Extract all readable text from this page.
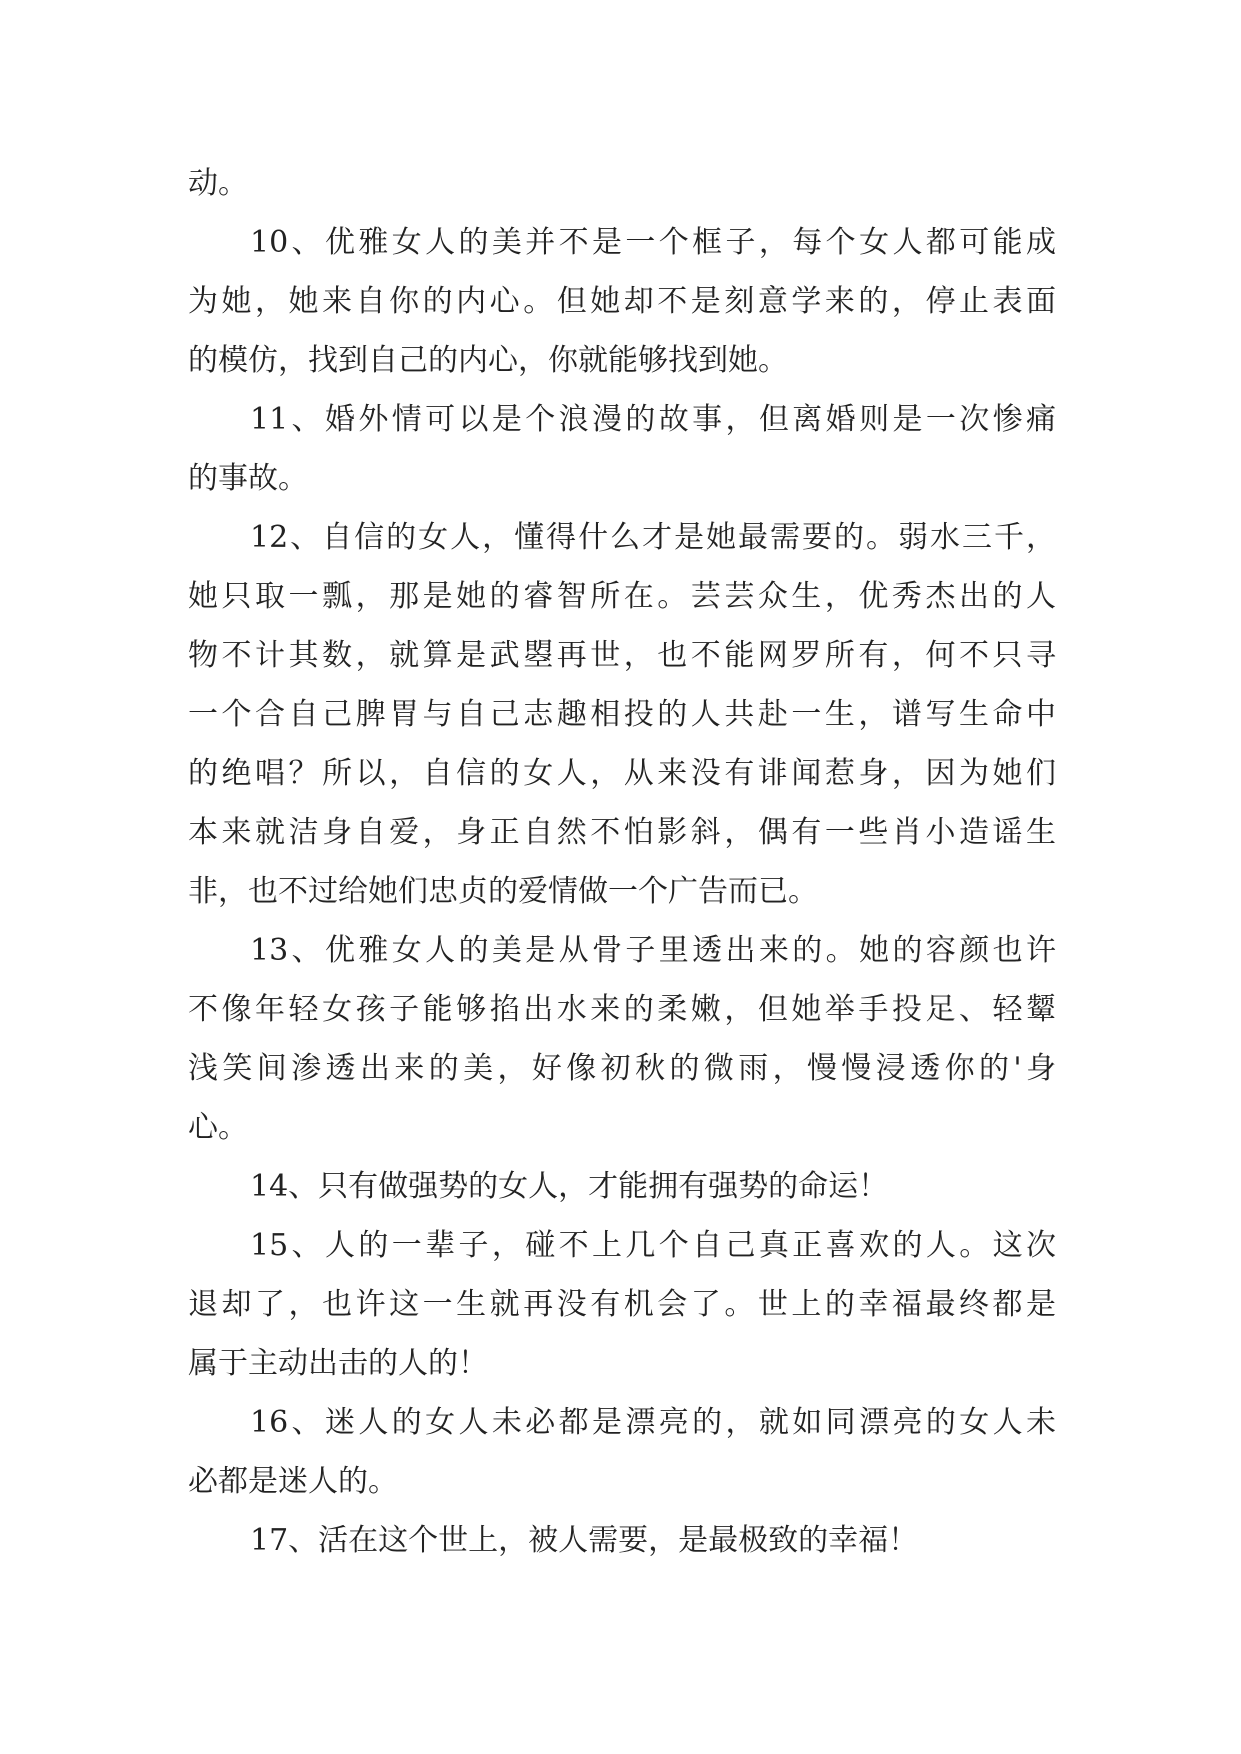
动。
10、优雅女人的美并不是一个框子，每个女人都可能成
为她，她来自你的内心。但她却不是刻意学来的，停止表面
的模仿，找到自己的内心，你就能够找到她。
11、婚外情可以是个浪漫的故事，但离婚则是一次惨痛
的事故。
12、自信的女人，懂得什么才是她最需要的。弱水三千，
她只取一瓢，那是她的睿智所在。芸芸众生，优秀杰出的人
物不计其数，就算是武曌再世，也不能网罗所有，何不只寻
一个合自己脾胃与自己志趣相投的人共赴一生，谱写生命中
的绝唱？所以，自信的女人，从来没有诽闻惹身，因为她们
本来就洁身自爱，身正自然不怕影斜，偶有一些肖小造谣生
非，也不过给她们忠贞的爱情做一个广告而已。
13、优雅女人的美是从骨子里透出来的。她的容颜也许
不像年轻女孩子能够掐出水来的柔嫩，但她举手投足、轻颦
浅笑间渗透出来的美，好像初秋的微雨，慢慢浸透你的'身
心。
14、只有做强势的女人，才能拥有强势的命运！
15、人的一辈子，碰不上几个自己真正喜欢的人。这次
退却了，也许这一生就再没有机会了。世上的幸福最终都是
属于主动出击的人的！
16、迷人的女人未必都是漂亮的，就如同漂亮的女人未
必都是迷人的。
17、活在这个世上，被人需要，是最极致的幸福！
